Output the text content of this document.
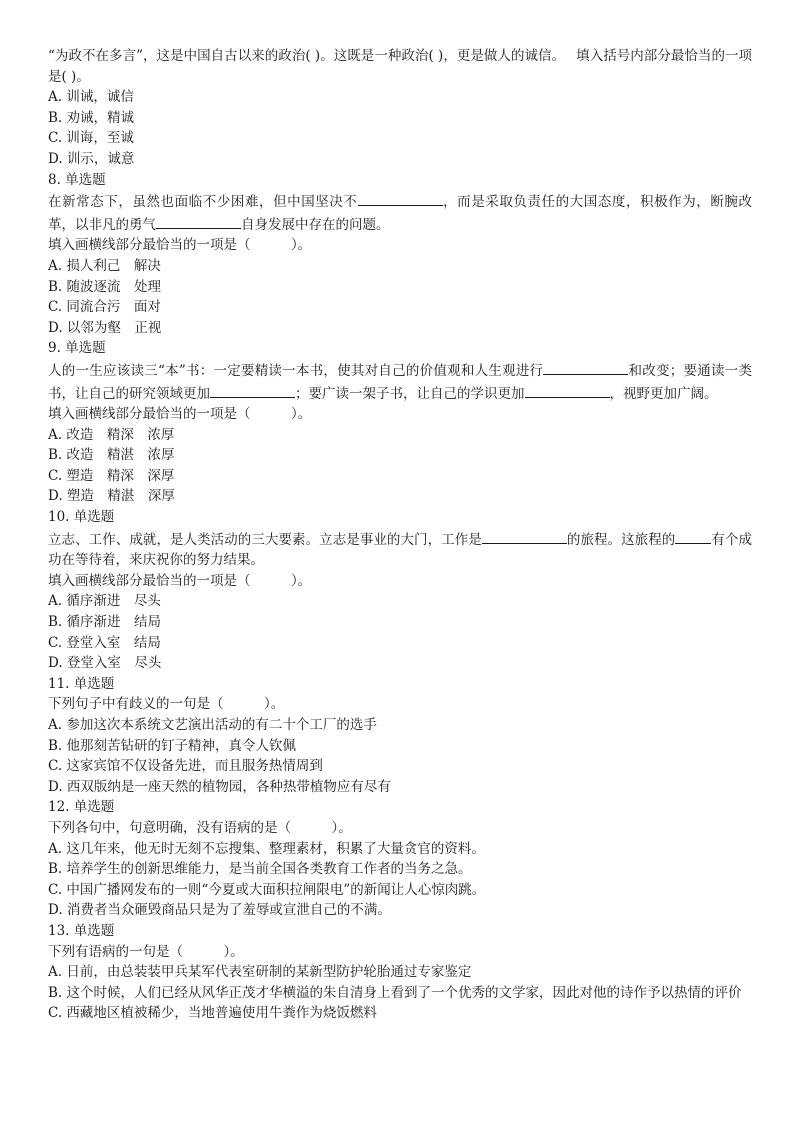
“为政不在多言”，这是中国自古以来的政治( )。这既是一种政治( )，更是做人的诚信。　 填入括号内部分最恰当的一项是( )。
A. 训诫，诚信
B. 劝诫，精诚
C. 训诲，至诚
D. 训示，诚意
8. 单选题
在新常态下，虽然也面临不少困难，但中国坚决不	，而是采取负责任的大国态度，积极作为，断腕改革，以非凡的勇气	自身发展中存在的问题。
填入画横线部分最恰当的一项是（　　　）。
A. 损人利己　解决
B. 随波逐流　处理
C. 同流合污　面对
D. 以邻为壑　正视
9. 单选题
人的一生应该读三“本”书：一定要精读一本书，使其对自己的价值观和人生观进行	和改变；要通读一类书，让自己的研究领域更加	；要广读一架子书，让自己的学识更加	，视野更加广阔。
填入画横线部分最恰当的一项是（　　　）。
A. 改造　精深　浓厚
B. 改造　精湛　浓厚
C. 塑造　精深　深厚
D. 塑造　精湛　深厚
10. 单选题
立志、工作、成就，是人类活动的三大要素。立志是事业的大门，工作是	的旅程。这旅程的	有个成功在等待着，来庆祝你的努力结果。
填入画横线部分最恰当的一项是（　　　）。
A. 循序渐进　尽头
B. 循序渐进　结局
C. 登堂入室　结局
D. 登堂入室　尽头
11. 单选题
下列句子中有歧义的一句是（　　　）。
A. 参加这次本系统文艺演出活动的有二十个工厂的选手
B. 他那刻苦钻研的钉子精神，真令人钦佩
C. 这家宾馆不仅设备先进，而且服务热情周到
D. 西双版纳是一座天然的植物园，各种热带植物应有尽有
12. 单选题
下列各句中，句意明确，没有语病的是（　　　）。
A. 这几年来，他无时无刻不忘搜集、整理素材，积累了大量贪官的资料。
B. 培养学生的创新思维能力，是当前全国各类教育工作者的当务之急。
C. 中国广播网发布的一则“今夏或大面积拉闸限电”的新闻让人心惊肉跳。
D. 消费者当众砸毁商品只是为了羞辱或宣泄自己的不满。
13. 单选题
下列有语病的一句是（　　　）。
A. 日前，由总装装甲兵某军代表室研制的某新型防护轮胎通过专家鉴定
B. 这个时候，人们已经从风华正茂才华横溢的朱自清身上看到了一个优秀的文学家，因此对他的诗作予以热情的评价
C. 西藏地区植被稀少，当地普遍使用牛粪作为烧饭燃料
